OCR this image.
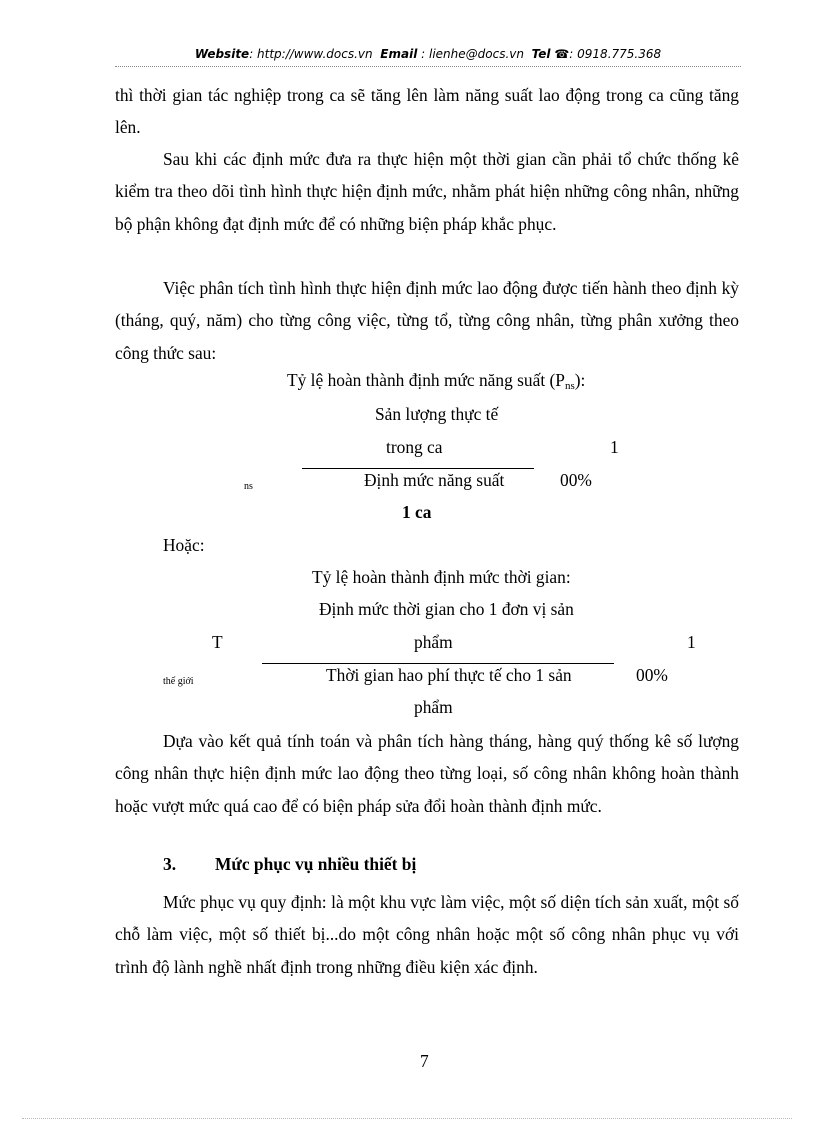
Website: http://www.docs.vn Email : lienhe@docs.vn Tel ☎: 0918.775.368

thì thời gian tác nghiệp trong ca sẽ tăng lên làm năng suất lao động trong ca cũng tăng lên.

Sau khi các định mức đưa ra thực hiện một thời gian cần phải tổ chức thống kê kiểm tra theo dõi tình hình thực hiện định mức, nhằm phát hiện những công nhân, những bộ phận không đạt định mức để có những biện pháp khắc phục.

Việc phân tích tình hình thực hiện định mức lao động được tiến hành theo định kỳ (tháng, quý, năm) cho từng công việc, từng tổ, từng công nhân, từng phân xưởng theo công thức sau:

Tỷ lệ hoàn thành định mức năng suất $(P_{ns})$:
Sản lượng thực tế
trong ca	1
ns	Định mức năng suất	00%
1 ca
Hoặc:
Tỷ lệ hoàn thành định mức thời gian:
Định mức thời gian cho 1 đơn vị sản
T	phẩm	1
thế giới	Thời gian hao phí thực tế cho 1 sản	00%
phẩm

Dựa vào kết quả tính toán và phân tích hàng tháng, hàng quý thống kê số lượng công nhân thực hiện định mức lao động theo từng loại, số công nhân không hoàn thành hoặc vượt mức quá cao để có biện pháp sửa đổi hoàn thành định mức.

3. Mức phục vụ nhiều thiết bị

Mức phục vụ quy định: là một khu vực làm việc, một số diện tích sản xuất, một số chỗ làm việc, một số thiết bị...do một công nhân hoặc một số công nhân phục vụ với trình độ lành nghề nhất định trong những điều kiện xác định.

7
